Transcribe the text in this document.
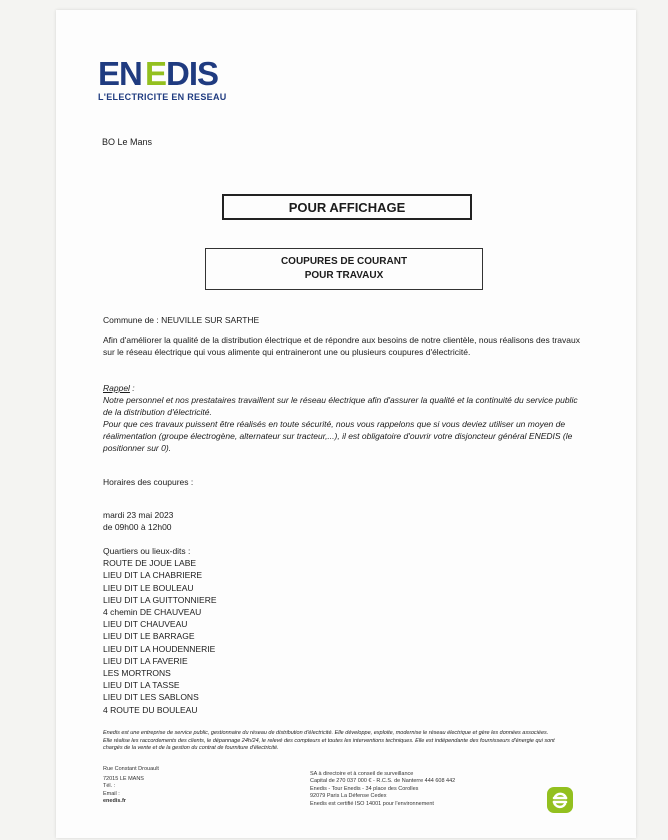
EN E DIS
L'ELECTRICITE EN RESEAU
BO Le Mans
POUR AFFICHAGE
COUPURES DE COURANT
POUR TRAVAUX
Commune de : NEUVILLE SUR SARTHE
Afin d'améliorer la qualité de la distribution électrique et de répondre aux besoins de notre clientèle, nous réalisons des travaux sur le réseau électrique qui vous alimente qui entraineront une ou plusieurs coupures d'électricité.
Rappel :
Notre personnel et nos prestataires travaillent sur le réseau électrique afin d'assurer la qualité et la continuité du service public de la distribution d'électricité.
Pour que ces travaux puissent être réalisés en toute sécurité, nous vous rappelons que si vous deviez utiliser un moyen de réalimentation (groupe électrogène, alternateur sur tracteur,...), il est obligatoire d'ouvrir votre disjoncteur général ENEDIS (le positionner sur 0).
Horaires des coupures :
mardi 23 mai 2023
de 09h00 à 12h00
Quartiers ou lieux-dits :
ROUTE DE JOUE LABE
LIEU DIT LA CHABRIERE
LIEU DIT LE BOULEAU
LIEU DIT LA GUITTONNIERE
4 chemin DE CHAUVEAU
LIEU DIT CHAUVEAU
LIEU DIT LE BARRAGE
LIEU DIT LA HOUDENNERIE
LIEU DIT LA FAVERIE
LES MORTRONS
LIEU DIT LA TASSE
LIEU DIT LES SABLONS
4 ROUTE DU BOULEAU
Enedis est une entreprise de service public, gestionnaire du réseau de distribution d'électricité. Elle développe, exploite, modernise le réseau électrique et gère les données associées. Elle réalise les raccordements des clients, le dépannage 24h/24, le relevé des compteurs et toutes les interventions techniques. Elle est indépendante des fournisseurs d'énergie qui sont chargés de la vente et de la gestion du contrat de fourniture d'électricité.
Rue Constant Drouault
72015 LE MANS
Tél. :
Email :
enedis.fr
SA à directoire et à conseil de surveillance
Capital de 270 037 000 € - R.C.S. de Nanterre 444 608 442
Enedis - Tour Enedis - 34 place des Corolles
92079 Paris La Défense Cedex
Enedis est certifié ISO 14001 pour l'environnement
